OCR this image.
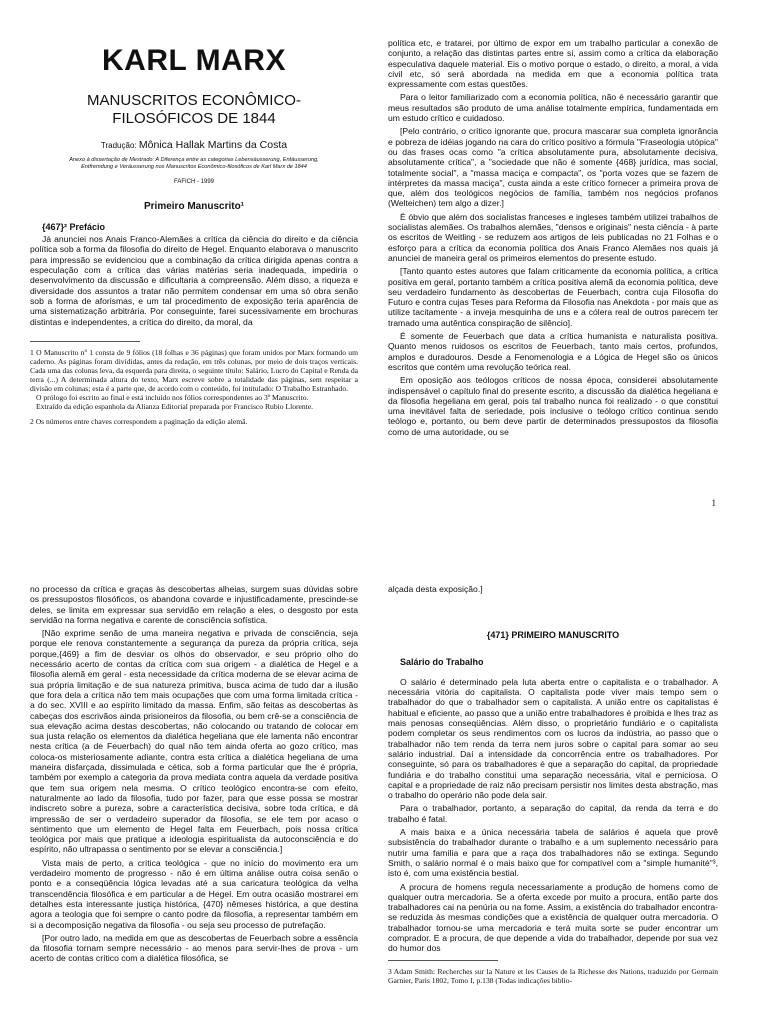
KARL MARX
MANUSCRITOS ECONÔMICO-
FILOSÓFICOS DE 1844
Tradução: Mônica Hallak Martins da Costa
Anexo à dissertação de Mestrado: A Diferença entre as categorias Lebensäusserung, Entäusserung,
Entfremdung e Veräusserung nos Manuscritos Econômico-filosóficos de Karl Marx de 1844
FAFICH - 1999
Primeiro Manuscrito¹
{467}² Prefácio

Já anunciei nos Anais Franco-Alemães a crítica da ciência do direito e da ciência política sob a forma da filosofia do direito de Hegel. Enquanto elaborava o manuscrito para impressão se evidenciou que a combinação da crítica dirigida apenas contra a especulação com a crítica das várias matérias seria inadequada, impediria o desenvolvimento da discussão e dificultaria a compreensão. Além disso, a riqueza e diversidade dos assuntos a tratar não permitem condensar em uma só obra senão sob a forma de aforismas, e um tal procedimento de exposição teria aparência de uma sistematização arbitrária. Por conseguinte, farei sucessivamente em brochuras distintas e independentes, a crítica do direito, da moral, da

1 O Manuscrito nº 1 consta de 9 fólios (18 folhas e 36 páginas) que foram unidos por Marx formando um caderno. As páginas foram divididas, antes da redação, em três colunas, por meio de dois traços verticais. Cada uma das colunas leva, da esquerda para direita, o seguinte título: Salário, Lucro do Capital e Renda da terra (...) A determinada altura do texto, Marx escreve sobre a totalidade das páginas, sem respeitar a divisão em colunas; esta é a parte que, de acordo com o conteúdo, foi intitulado: O Trabalho Estranhado.

O prólogo foi escrito ao final e está incluído nos fólios correspondentes ao 3º Manuscrito.

Extraído da edição espanhola da Alianza Editorial preparada por Francisco Rubio Llorente.

2 Os números entre chaves correspondem a paginação da edição alemã.

política etc, e tratarei, por último de expor em um trabalho particular a conexão de conjunto, a relação das distintas partes entre si, assim como a crítica da elaboração especulativa daquele material. Eis o motivo porque o estado, o direito, a moral, a vida civil etc, só será abordada na medida em que a economia política trata expressamente com estas questões.

Para o leitor familiarizado com a economia política, não é necessário garantir que meus resultados são produto de uma análise totalmente empírica, fundamentada em um estudo crítico e cuidadoso.

[Pelo contrário, o crítico ignorante que, procura mascarar sua completa ignorância e pobreza de idéias jogando na cara do crítico positivo a fórmula "Fraseologia utópica" ou das frases ocas como "a crítica absolutamente pura, absolutamente decisiva, absolutamente crítica", a "sociedade que não é somente {468} jurídica, mas social, totalmente social", a "massa maciça e compacta", os "porta vozes que se fazem de intérpretes da massa maciça", custa ainda a este crítico fornecer a primeira prova de que, além dos teológicos negócios de família, também nos negócios profanos (Welteichen) tem algo a dizer.]

É óbvio que além dos socialistas franceses e ingleses também utilizei trabalhos de socialistas alemães. Os trabalhos alemães, "densos e originais" nesta ciência - à parte os escritos de Weitling - se reduzem aos artigos de leis publicadas no 21 Folhas e o esforço para a crítica da economia política dos Anais Franco Alemães nos quais já anunciei de maneira geral os primeiros elementos do presente estudo.

[Tanto quanto estes autores que falam criticamente da economia política, a crítica positiva em geral, portanto também a crítica positiva alemã da economia política, deve seu verdadeiro fundamento às descobertas de Feuerbach, contra cuja Filosofia do Futuro e contra cujas Teses para Reforma da Filosofia nas Anekdota - por mais que as utilize tacitamente - a inveja mesquinha de uns e a cólera real de outros parecem ter tramado uma autêntica conspiração de silêncio].

É somente de Feuerbach que data a crítica humanista e naturalista positiva. Quanto menos ruidosos os escritos de Feuerbach, tanto mais certos, profundos, amplos e duradouros. Desde a Fenomenologia e a Lógica de Hegel são os únicos escritos que contém uma revolução teórica real.

Em oposição aos teólogos críticos de nossa época, considerei absolutamente indispensável o capítulo final do presente escrito, a discussão da dialética hegeliana e da filosofia hegeliana em geral, pois tal trabalho nunca foi realizado - o que constitui uma inevitável falta de seriedade, pois inclusive o teólogo crítico continua sendo teólogo e, portanto, ou bem deve partir de determinados pressupostos da filosofia como de uma autoridade, ou se

1

no processo da crítica e graças às descobertas alheias, surgem suas dúvidas sobre os pressupostos filosóficos, os abandona covarde e injustificadamente, prescinde-se deles, se limita em expressar sua servidão em relação a eles, o desgosto por esta servidão na forma negativa e carente de consciência sofística.

[Não exprime senão de uma maneira negativa e privada de consciência, seja porque ele renova constantemente a segurança da pureza da própria crítica, seja porque,{469} a fim de desviar os olhos do observador, e seu próprio olho do necessário acerto de contas da crítica com sua origem - a dialética de Hegel e a filosofia alemã em geral - esta necessidade da crítica moderna de se elevar acima de sua própria limitação e de sua natureza primitiva, busca acima de tudo dar a ilusão que fora dela a crítica não tem mais ocupações que com uma forma limitada crítica - a do sec. XVIII e ao espírito limitado da massa. Enfim, são feitas as descobertas às cabeças dos escrivãos ainda prisioneiros da filosofia, ou bem crê-se a consciência de sua elevação acima destas descobertas, não colocando ou tratando de colocar em sua justa relação os elementos da dialética hegeliana que ele lamenta não encontrar nesta crítica (a de Feuerbach) do qual não tem ainda oferta ao gozo crítico, mas coloca-os misteriosamente adiante, contra esta crítica a dialética hegeliana de uma maneira disfarçada, dissimulada e cética, sob a forma particular que lhe é própria, também por exemplo a categoria da prova mediata contra aquela da verdade positiva que tem sua origem nela mesma. O crítico teológico encontra-se com efeito, naturalmente ao lado da filosofia, tudo por fazer, para que esse possa se mostrar indiscreto sobre a pureza, sobre a característica decisiva, sobre toda crítica, e dá impressão de ser o verdadeiro superador da filosofia, se ele tem por acaso o sentimento que um elemento de Hegel falta em Feuerbach, pois nossa crítica teológica por mais que pratique a ideologia espiritualista da autoconsciência e do espírito, não ultrapassa o sentimento por se elevar a consciência.]

Vista mais de perto, a crítica teológica - que no início do movimento era um verdadeiro momento de progresso - não é em última análise outra coisa senão o ponto e a conseqüência lógica levadas até a sua caricatura teológica da velha transcendência filosófica e em particular a de Hegel. Em outra ocasião mostrarei em detalhes esta interessante justiça histórica, {470} nêmeses histórica, a que destina agora a teologia que foi sempre o canto podre da filosofia, a representar também em si a decomposição negativa da filosofia - ou seja seu processo de putrefação.

[Por outro lado, na medida em que as descobertas de Feuerbach sobre a essência da filosofia tornam sempre necessário - ao menos para servir-lhes de prova - um acerto de contas crítico com a dialética filosófica, se

alçada desta exposição.]

{471} PRIMEIRO MANUSCRITO
Salário do Trabalho

O salário é determinado pela luta aberta entre o capitalista e o trabalhador. A necessária vitória do capitalista. O capitalista pode viver mais tempo sem o trabalhador do que o trabalhador sem o capitalista. A união entre os capitalistas é habitual e eficiente, ao passo que a união entre trabalhadores é proibida e lhes traz as mais penosas conseqüências. Além disso, o proprietário fundiário e o capitalista podem completar os seus rendimentos com os lucros da indústria, ao passo que o trabalhador não tem renda da terra nem juros sobre o capital para somar ao seu salário industrial. Daí a intensidade da concorrência entre os trabalhadores. Por conseguinte, só para os trabalhadores é que a separação do capital, da propriedade fundiária e do trabalho constitui uma separação necessária, vital e perniciosa. O capital e a propriedade de raiz não precisam persistir nos limites desta abstração, mas o trabalho do operário não pode dela sair.

Para o trabalhador, portanto, a separação do capital, da renda da terra e do trabalho é fatal.

A mais baixa e a única necessária tabela de salários é aquela que provê subsistência do trabalhador durante o trabalho e a um suplemento necessário para nutrir uma família e para que a raça dos trabalhadores não se extinga. Segundo Smith, o salário normal é o mais baixo que for compatível com a "simple humanité"³, isto é, com uma existência bestial.

A procura de homens regula necessariamente a produção de homens como de qualquer outra mercadoria. Se a oferta excede por muito a procura, então parte dos trabalhadores cai na penúria ou na fome. Assim, a existência do trabalhador encontra-se reduzida às mesmas condições que a existência de qualquer outra mercadoria. O trabalhador tornou-se uma mercadoria e terá muita sorte se puder encontrar um comprador. E a procura, de que depende a vida do trabalhador, depende por sua vez do humor dos

3 Adam Smith: Recherches sur la Nature et les Causes de la Richesse des Nations, traduzido por Germain Garnier, Paris 1802, Tomo I, p.138 (Todas indicações biblio-
